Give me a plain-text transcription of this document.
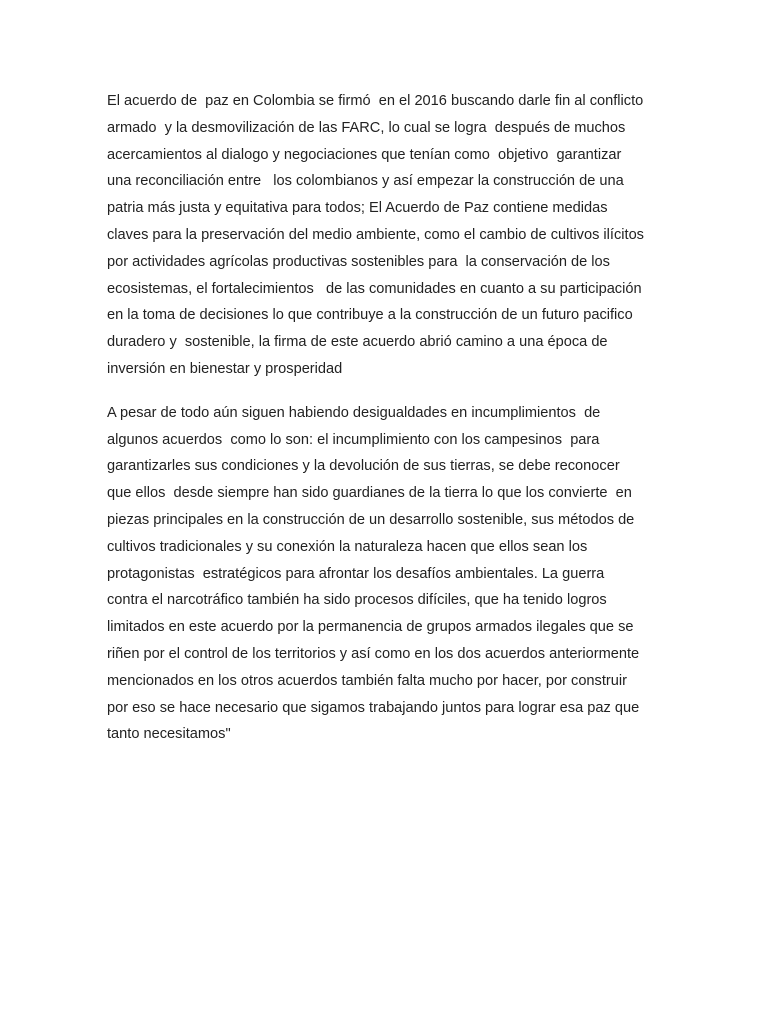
El acuerdo de  paz en Colombia se firmó  en el 2016 buscando darle fin al conflicto
armado  y la desmovilización de las FARC, lo cual se logra  después de muchos
acercamientos al dialogo y negociaciones que tenían como  objetivo  garantizar
una reconciliación entre   los colombianos y así empezar la construcción de una
patria más justa y equitativa para todos; El Acuerdo de Paz contiene medidas
claves para la preservación del medio ambiente, como el cambio de cultivos ilícitos
por actividades agrícolas productivas sostenibles para  la conservación de los
ecosistemas, el fortalecimientos   de las comunidades en cuanto a su participación
en la toma de decisiones lo que contribuye a la construcción de un futuro pacifico
duradero y  sostenible, la firma de este acuerdo abrió camino a una época de
inversión en bienestar y prosperidad

A pesar de todo aún siguen habiendo desigualdades en incumplimientos  de
algunos acuerdos  como lo son: el incumplimiento con los campesinos  para
garantizarles sus condiciones y la devolución de sus tierras, se debe reconocer
que ellos  desde siempre han sido guardianes de la tierra lo que los convierte  en
piezas principales en la construcción de un desarrollo sostenible, sus métodos de
cultivos tradicionales y su conexión la naturaleza hacen que ellos sean los
protagonistas  estratégicos para afrontar los desafíos ambientales. La guerra
contra el narcotráfico también ha sido procesos difíciles, que ha tenido logros
limitados en este acuerdo por la permanencia de grupos armados ilegales que se
riñen por el control de los territorios y así como en los dos acuerdos anteriormente
mencionados en los otros acuerdos también falta mucho por hacer, por construir
por eso se hace necesario que sigamos trabajando juntos para lograr esa paz que
tanto necesitamos"
